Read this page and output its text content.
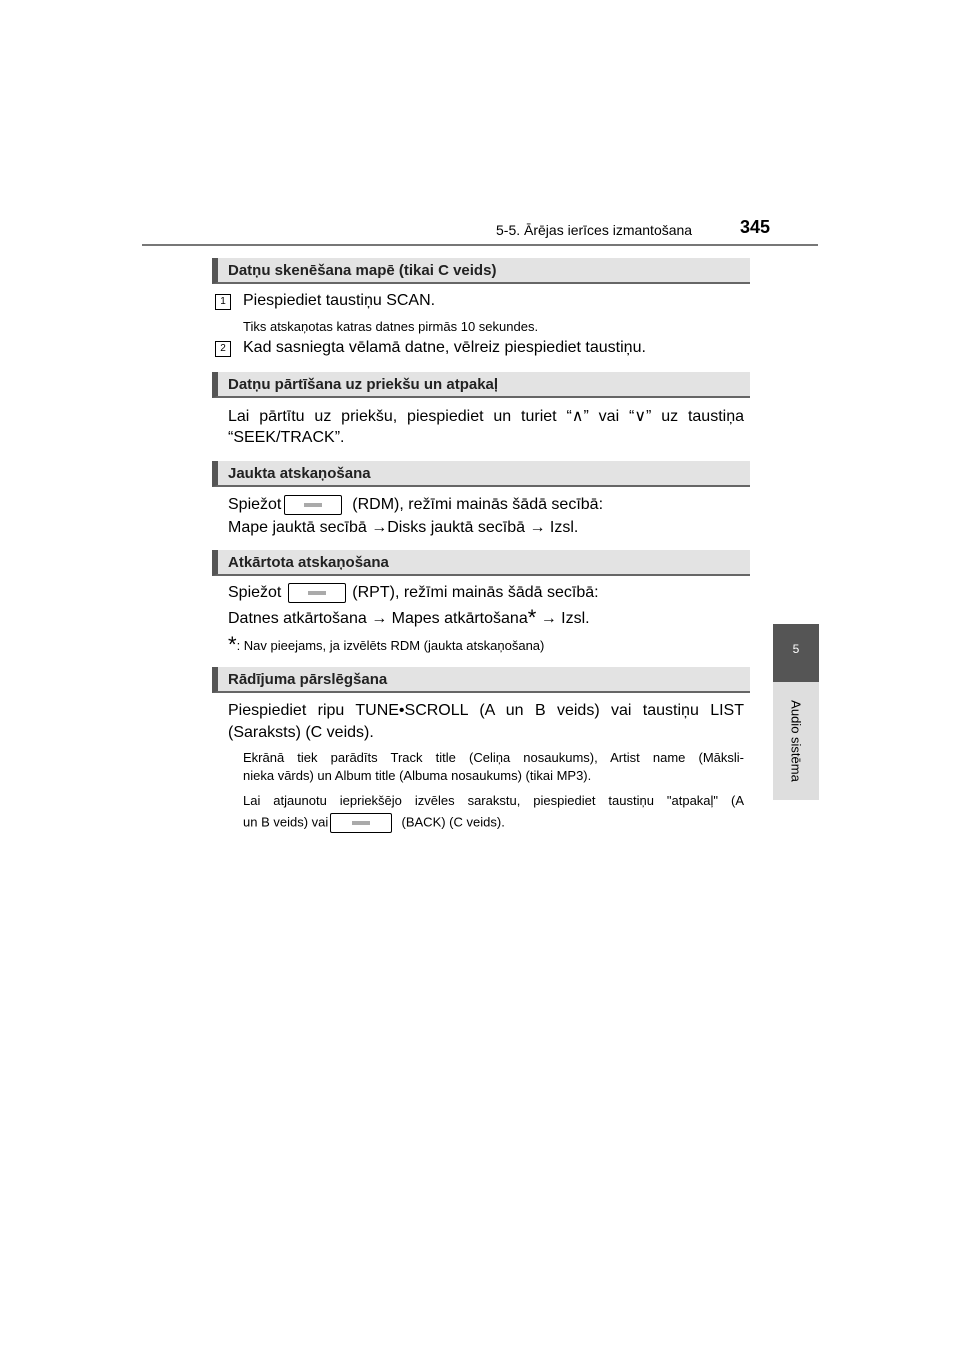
5-5. Ārējas ierīces izmantošana	345
5
Audio sistēma
Datņu skenēšana mapē (tikai C veids)
1	Piespiediet taustiņu SCAN.
Tiks atskaņotas katras datnes pirmās 10 sekundes.
2	Kad sasniegta vēlamā datne, vēlreiz piespiediet taustiņu.
Datņu pārtīšana uz priekšu un atpakaļ
Lai pārtītu uz priekšu, piespiediet un turiet “∧” vai “∨” uz taustiņa
“SEEK/TRACK”.
Jaukta atskaņošana
Spiežot	(RDM), režīmi mainās šādā secībā:
Mape jauktā secībā →Disks jauktā secībā → Izsl.
Atkārtota atskaņošana
Spiežot	(RPT), režīmi mainās šādā secībā:
Datnes atkārtošana → Mapes atkārtošana* → Izsl.
*: Nav pieejams, ja izvēlēts RDM (jaukta atskaņošana)
Rādījuma pārslēgšana
Piespiediet ripu TUNE•SCROLL (A un B veids) vai taustiņu LIST
(Saraksts) (C veids).
Ekrānā tiek parādīts Track title (Celiņa nosaukums), Artist name (Māksli-
nieka vārds) un Album title (Albuma nosaukums) (tikai MP3).
Lai atjaunotu iepriekšējo izvēles sarakstu, piespiediet taustiņu "atpakaļ" (A
un B veids) vai	(BACK) (C veids).
